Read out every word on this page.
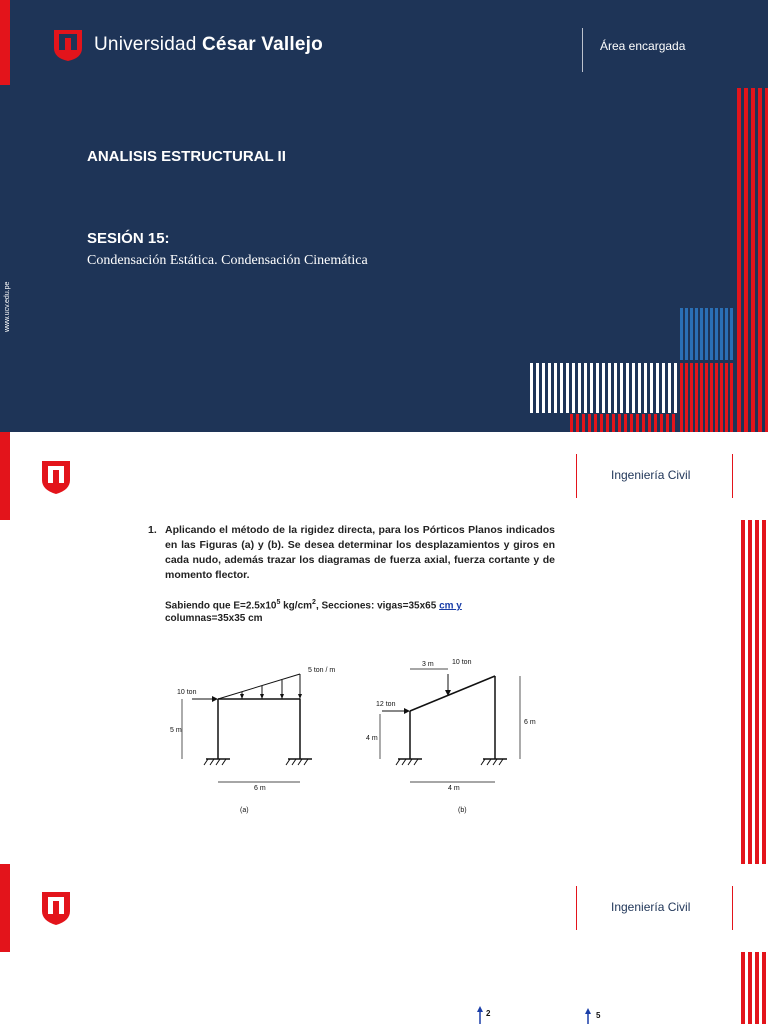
Universidad César Vallejo	Área encargada
ANALISIS ESTRUCTURAL II
SESIÓN 15:
Condensación Estática. Condensación Cinemática
www.ucv.edu.pe
Ingeniería Civil
1. Aplicando el método de la rigidez directa, para los Pórticos Planos indicados en las Figuras (a) y (b). Se desea determinar los desplazamientos y giros en cada nudo, además trazar los diagramas de fuerza axial, fuerza cortante y de momento flector.
Sabiendo que $E=2.5x10^5$ $kg/cm^2$, Secciones: vigas=35x65 cm y
columnas=35x35 cm
5 ton / m
10 ton
5 m
6 m
(a)
10 ton
3 m
12 ton
4 m
6 m
4 m
(b)
Ingeniería Civil
2	5
